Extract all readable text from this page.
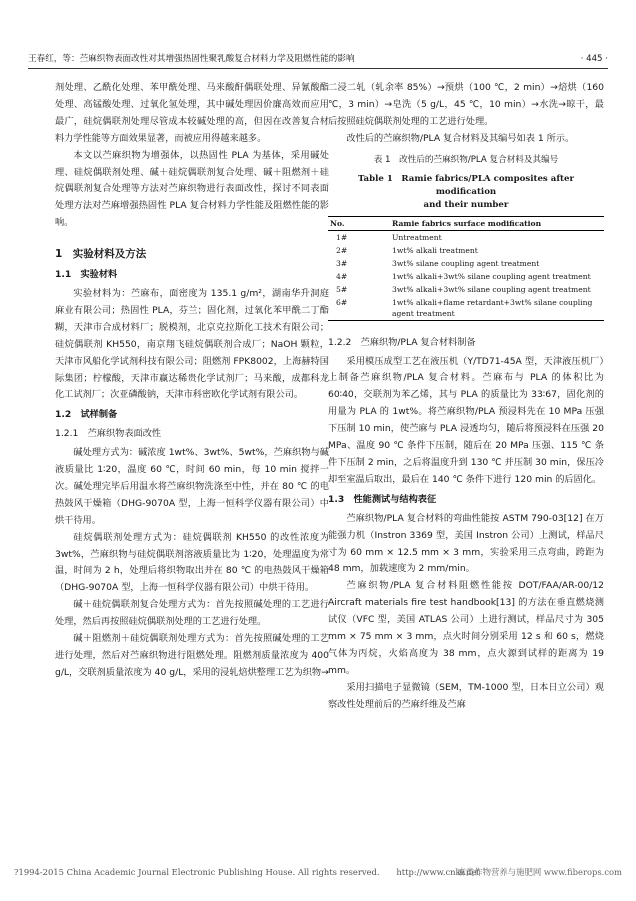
王春红，等：苎麻织物表面改性对其增强热固性聚乳酸复合材料力学及阻燃性能的影响	· 445 ·

剂处理、乙酰化处理、苯甲酰处理、马来酸酐偶联处理、异氰酸酯处理、高锰酸处理、过氧化氢处理，其中碱处理因价廉高效而应用最广，硅烷偶联剂处理尽管成本较碱处理的高，但因在改善复合材料力学性能等方面效果显著，而被应用得越来越多。

本文以苎麻织物为增强体，以热固性 PLA 为基体，采用碱处理、硅烷偶联剂处理、碱＋硅烷偶联剂复合处理、碱＋阻燃剂＋硅烷偶联剂复合处理等方法对苎麻织物进行表面改性，探讨不同表面处理方法对苎麻增强热固性 PLA 复合材料力学性能及阻燃性能的影响。

1　实验材料及方法
1.1　实验材料

实验材料为：苎麻布，面密度为 135.1 g/m²，湖南华升洞庭麻业有限公司；热固性 PLA，芬兰；固化剂，过氧化苯甲酰二丁酯糊，天津市合成材料厂；脱模剂，北京克拉斯化工技术有限公司；硅烷偶联剂 KH550，南京翔飞硅烷偶联剂合成厂；NaOH 颗粒，天津市风船化学试剂科技有限公司；阻燃剂 FPK8002，上海赫特国际集团；柠檬酸，天津市赢达稀贵化学试剂厂；马来酸，成都科龙化工试剂厂；次亚磷酸钠，天津市科密欧化学试剂有限公司。

1.2　试样制备
1.2.1　苎麻织物表面改性

碱处理方式为：碱浓度 1wt%、3wt%、5wt%，苎麻织物与碱液质量比 1∶20，温度 60 ℃，时间 60 min，每 10 min 搅拌一次。碱处理完毕后用温水将苎麻织物洗涤至中性，并在 80 ℃ 的电热鼓风干燥箱（DHG-9070A 型，上海一恒科学仪器有限公司）中烘干待用。

硅烷偶联剂处理方式为：硅烷偶联剂 KH550 的改性浓度为 3wt%，苎麻织物与硅烷偶联剂溶液质量比为 1∶20，处理温度为常温，时间为 2 h，处理后将织物取出并在 80 ℃ 的电热鼓风干燥箱（DHG-9070A 型，上海一恒科学仪器有限公司）中烘干待用。

碱＋硅烷偶联剂复合处理方式为：首先按照碱处理的工艺进行处理，然后再按照硅烷偶联剂处理的工艺进行处理。

碱＋阻燃剂＋硅烷偶联剂处理方式为：首先按照碱处理的工艺进行处理，然后对苎麻织物进行阻燃处理。阻燃剂质量浓度为 400 g/L，交联剂质量浓度为 40 g/L，采用的浸轧焙烘整理工艺为织物→

二浸二轧（轧余率 85%）→预烘（100 ℃，2 min）→焙烘（160 ℃，3 min）→皂洗（5 g/L，45 ℃，10 min）→水洗→晾干，最后按照硅烷偶联剂处理的工艺进行处理。

改性后的苎麻织物/PLA 复合材料及其编号如表 1 所示。

表 1　改性后的苎麻织物/PLA 复合材料及其编号
Table 1　Ramie fabrics/PLA composites after modification
and their number
No.	Ramie fabrics surface modification
1#	Untreatment
2#	1wt% alkali treatment
3#	3wt% silane coupling agent treatment
4#	1wt% alkali+3wt% silane coupling agent treatment
5#	3wt% alkali+3wt% silane coupling agent treatment
6#	1wt% alkali+flame retardant+3wt% silane coupling agent treatment
1.2.2　苎麻织物/PLA 复合材料制备

采用模压成型工艺在液压机（Y/TD71-45A 型，天津液压机厂）上制备苎麻织物/PLA 复合材料。苎麻布与 PLA 的体积比为 60∶40，交联剂为苯乙烯，其与 PLA 的质量比为 33∶67，固化剂的用量为 PLA 的 1wt%。将苎麻织物/PLA 预浸料先在 10 MPa 压强下压制 10 min，使苎麻与 PLA 浸透均匀，随后将预浸料在压强 20 MPa、温度 90 ℃ 条件下压制，随后在 20 MPa 压强、115 ℃ 条件下压制 2 min，之后将温度升到 130 ℃ 并压制 30 min，保压冷却至室温后取出，最后在 140 ℃ 条件下进行 120 min 的后固化。

1.3　性能测试与结构表征

苎麻织物/PLA 复合材料的弯曲性能按 ASTM 790-03[12] 在万能强力机（Instron 3369 型，美国 Instron 公司）上测试，样品尺寸为 60 mm × 12.5 mm × 3 mm，实验采用三点弯曲，跨距为 48 mm，加载速度为 2 mm/min。

苎麻织物/PLA 复合材料阻燃性能按 DOT/FAA/AR-00/12 Aircraft materials fire test handbook[13] 的方法在垂直燃烧测试仪（VFC 型，美国 ATLAS 公司）上进行测试，样品尺寸为 305 mm × 75 mm × 3 mm，点火时间分别采用 12 s 和 60 s，燃烧气体为丙烷，火焰高度为 38 mm，点火源到试样的距离为 19 mm。

采用扫描电子显微镜（SEM，TM-1000 型，日本日立公司）观察改性处理前后的苎麻纤维及苎麻

?1994-2015 China Academic Journal Electronic Publishing House. All rights reserved.　　http://www.cnki.net
麻类作物营养与施肥网 www.fiberops.com
